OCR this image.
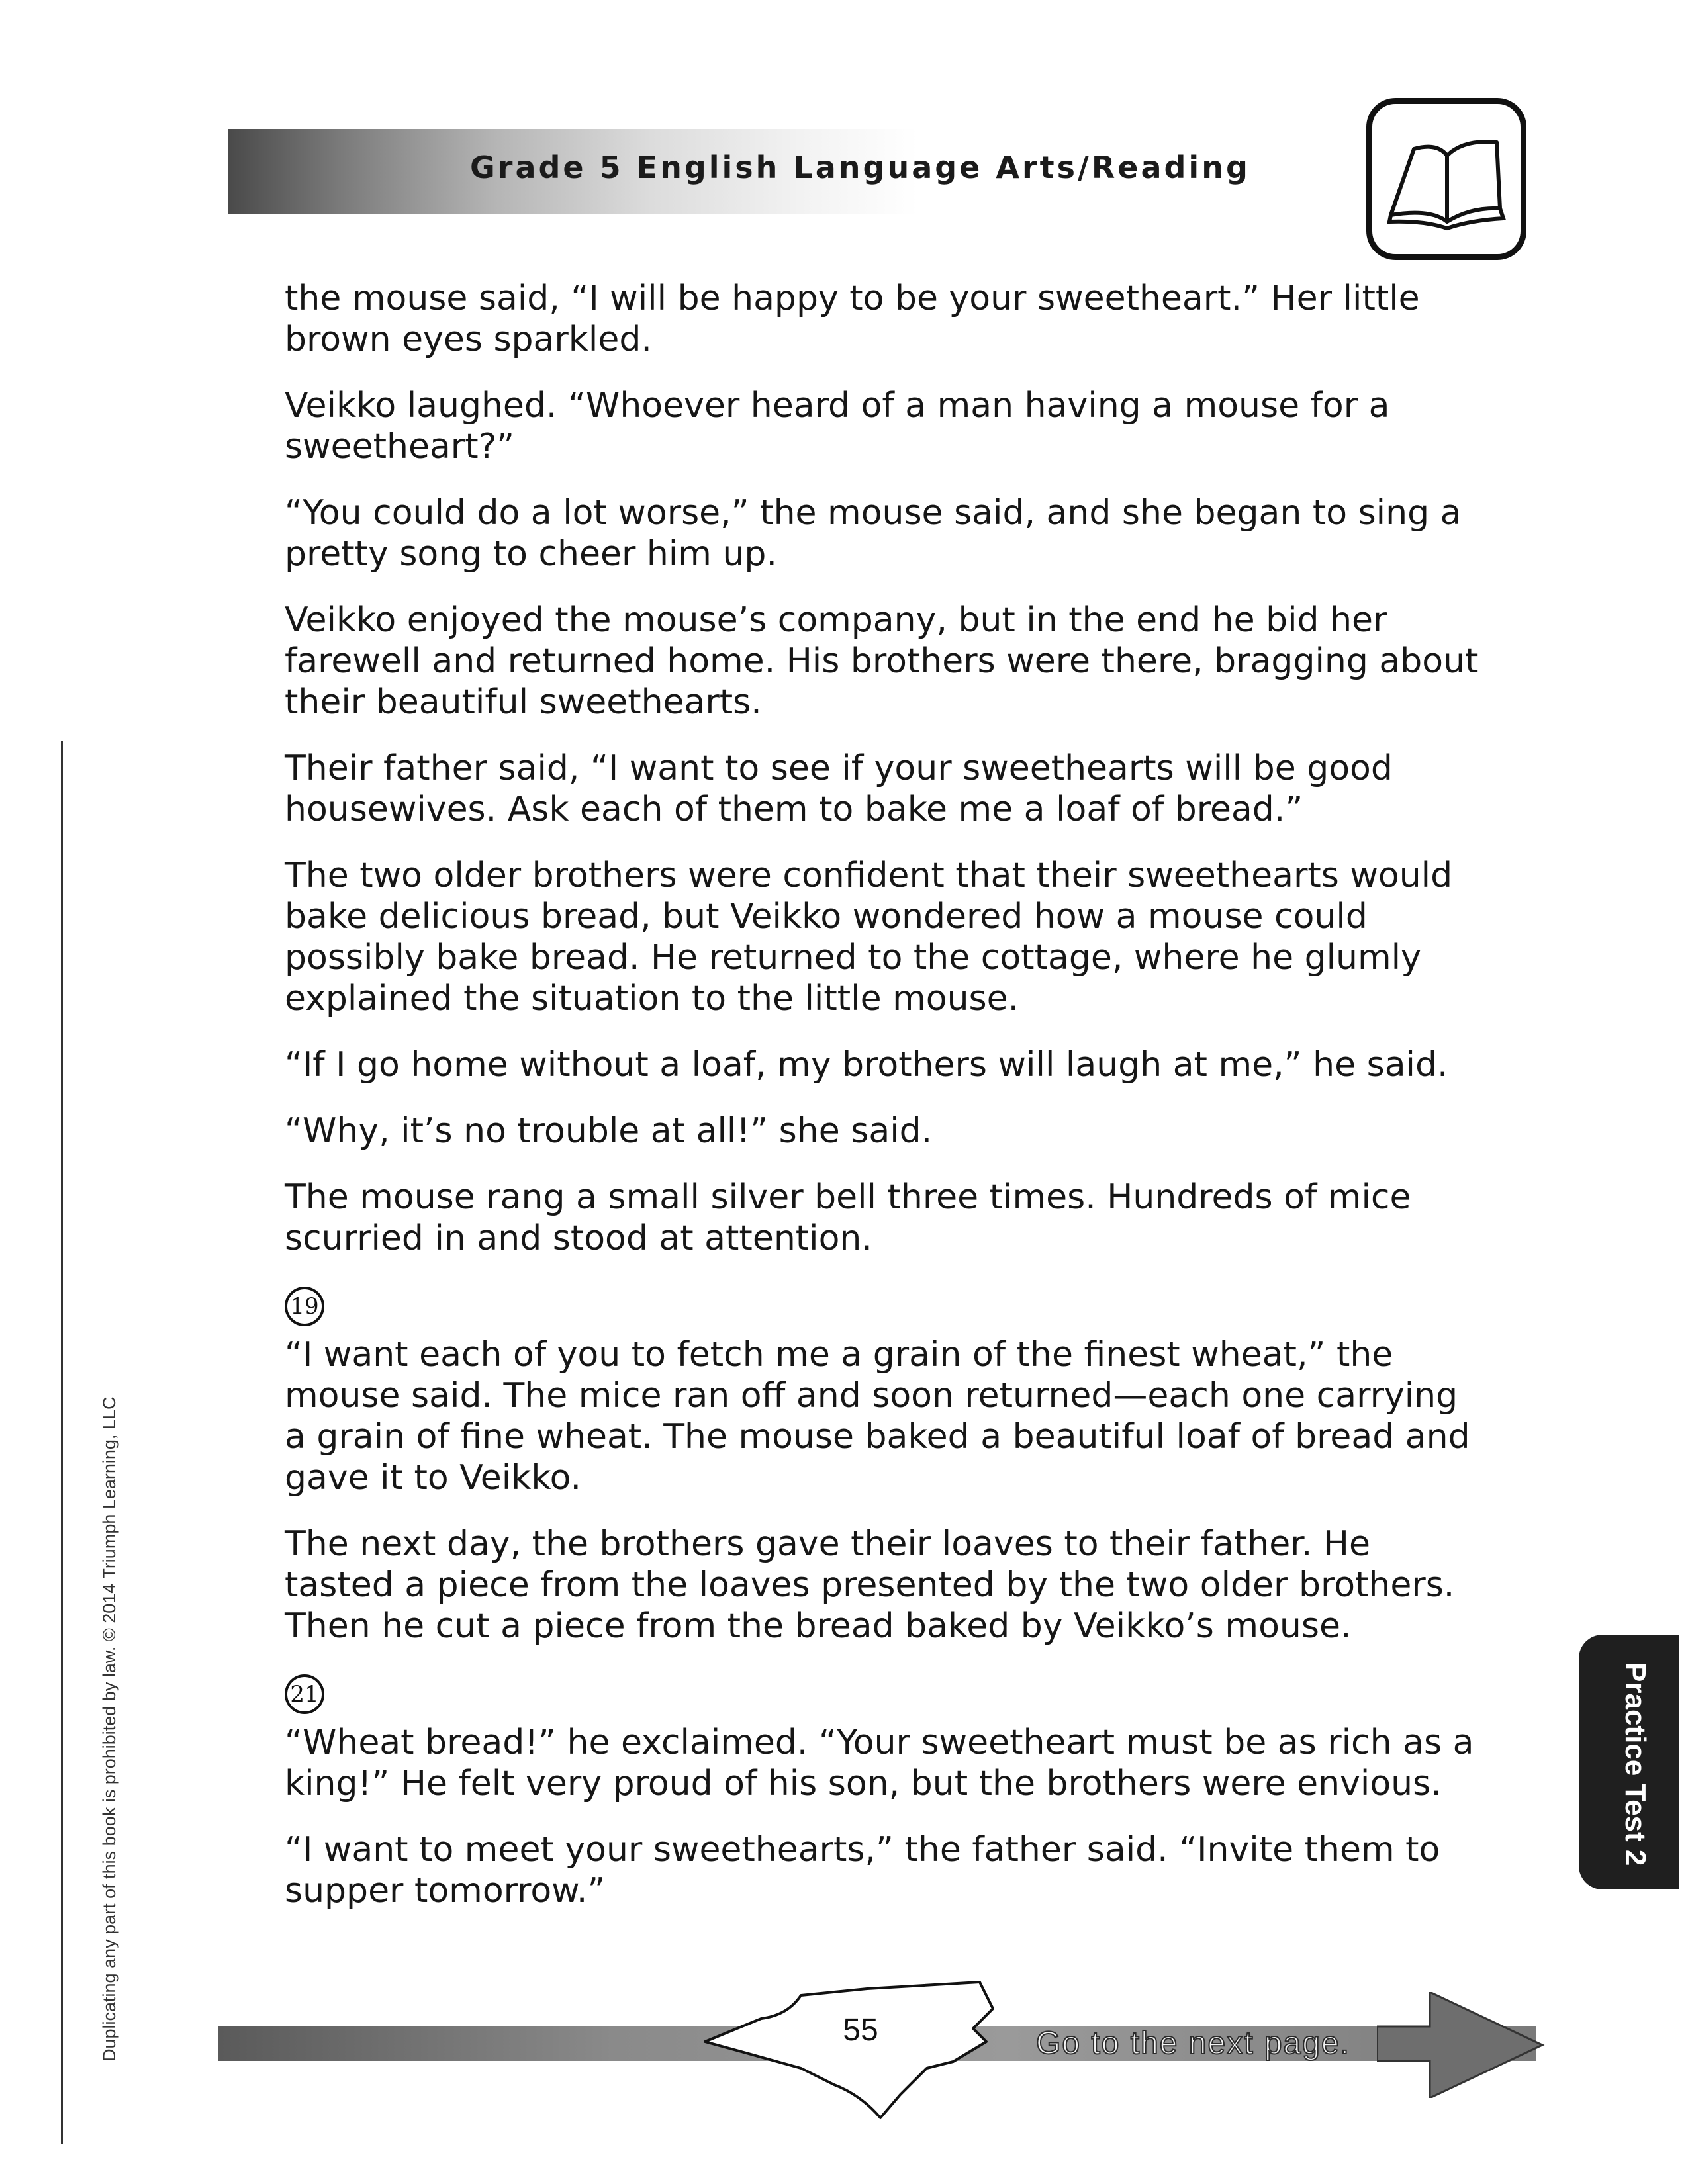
Grade 5 English Language Arts/Reading

the mouse said, “I will be happy to be your sweetheart.” Her little brown eyes sparkled.

Veikko laughed. “Whoever heard of a man having a mouse for a sweetheart?”

“You could do a lot worse,” the mouse said, and she began to sing a pretty song to cheer him up.

Veikko enjoyed the mouse’s company, but in the end he bid her farewell and returned home. His brothers were there, bragging about their beautiful sweethearts.

Their father said, “I want to see if your sweethearts will be good housewives. Ask each of them to bake me a loaf of bread.”

The two older brothers were confident that their sweethearts would bake delicious bread, but Veikko wondered how a mouse could possibly bake bread. He returned to the cottage, where he glumly explained the situation to the little mouse.

“If I go home without a loaf, my brothers will laugh at me,” he said.

“Why, it’s no trouble at all!” she said.

The mouse rang a small silver bell three times. Hundreds of mice scurried in and stood at attention.

19

“I want each of you to fetch me a grain of the finest wheat,” the mouse said. The mice ran off and soon returned—each one carrying a grain of fine wheat. The mouse baked a beautiful loaf of bread and gave it to Veikko.

The next day, the brothers gave their loaves to their father. He tasted a piece from the loaves presented by the two older brothers. Then he cut a piece from the bread baked by Veikko’s mouse.

21

“Wheat bread!” he exclaimed. “Your sweetheart must be as rich as a king!” He felt very proud of his son, but the brothers were envious.

“I want to meet your sweethearts,” the father said. “Invite them to supper tomorrow.”

Duplicating any part of this book is prohibited by law. © 2014 Triumph Learning, LLC	Practice Test 2
55	Go to the next page.
